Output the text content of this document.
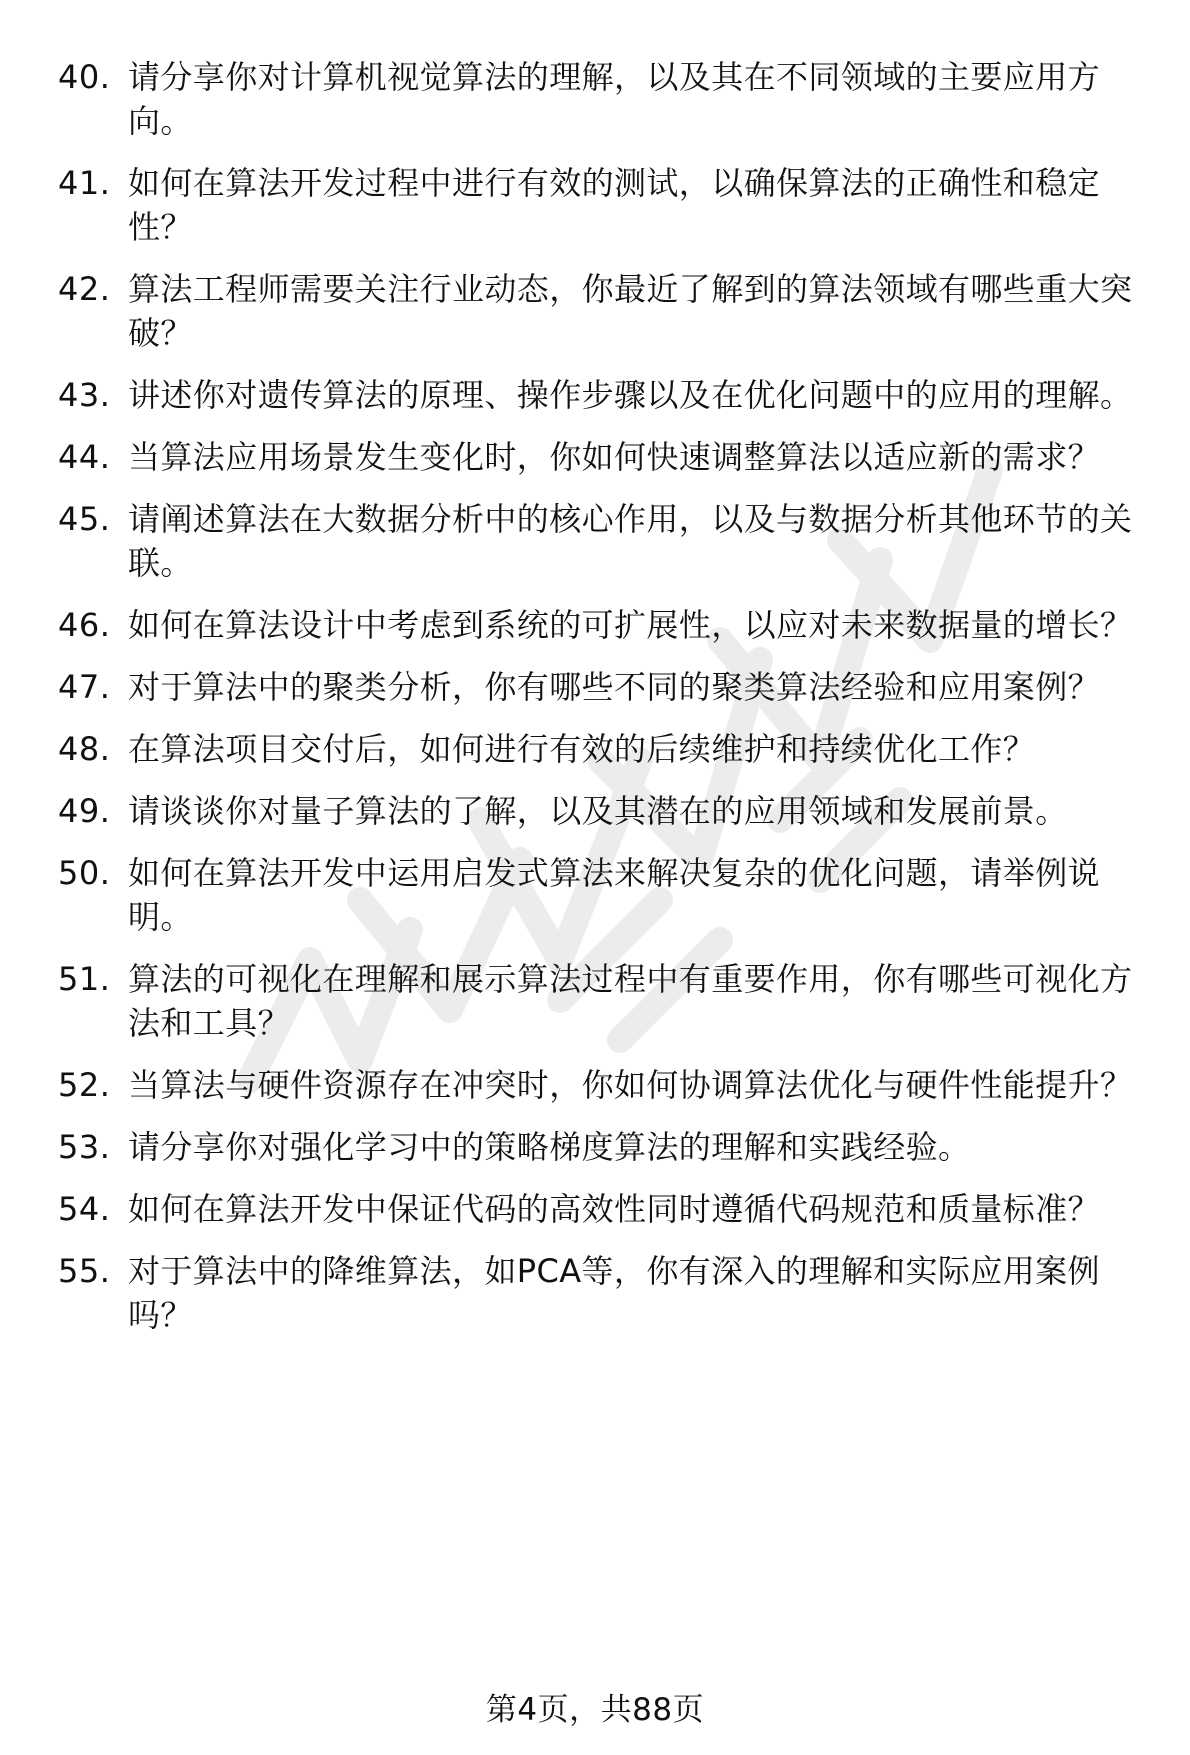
40. 请分享你对计算机视觉算法的理解，以及其在不同领域的主要应用方向。
41. 如何在算法开发过程中进行有效的测试，以确保算法的正确性和稳定性？
42. 算法工程师需要关注行业动态，你最近了解到的算法领域有哪些重大突破？
43. 讲述你对遗传算法的原理、操作步骤以及在优化问题中的应用的理解。
44. 当算法应用场景发生变化时，你如何快速调整算法以适应新的需求？
45. 请阐述算法在大数据分析中的核心作用，以及与数据分析其他环节的关联。
46. 如何在算法设计中考虑到系统的可扩展性，以应对未来数据量的增长？
47. 对于算法中的聚类分析，你有哪些不同的聚类算法经验和应用案例？
48. 在算法项目交付后，如何进行有效的后续维护和持续优化工作？
49. 请谈谈你对量子算法的了解，以及其潜在的应用领域和发展前景。
50. 如何在算法开发中运用启发式算法来解决复杂的优化问题，请举例说明。
51. 算法的可视化在理解和展示算法过程中有重要作用，你有哪些可视化方法和工具？
52. 当算法与硬件资源存在冲突时，你如何协调算法优化与硬件性能提升？
53. 请分享你对强化学习中的策略梯度算法的理解和实践经验。
54. 如何在算法开发中保证代码的高效性同时遵循代码规范和质量标准？
55. 对于算法中的降维算法，如PCA等，你有深入的理解和实际应用案例吗？
第4页，共88页
